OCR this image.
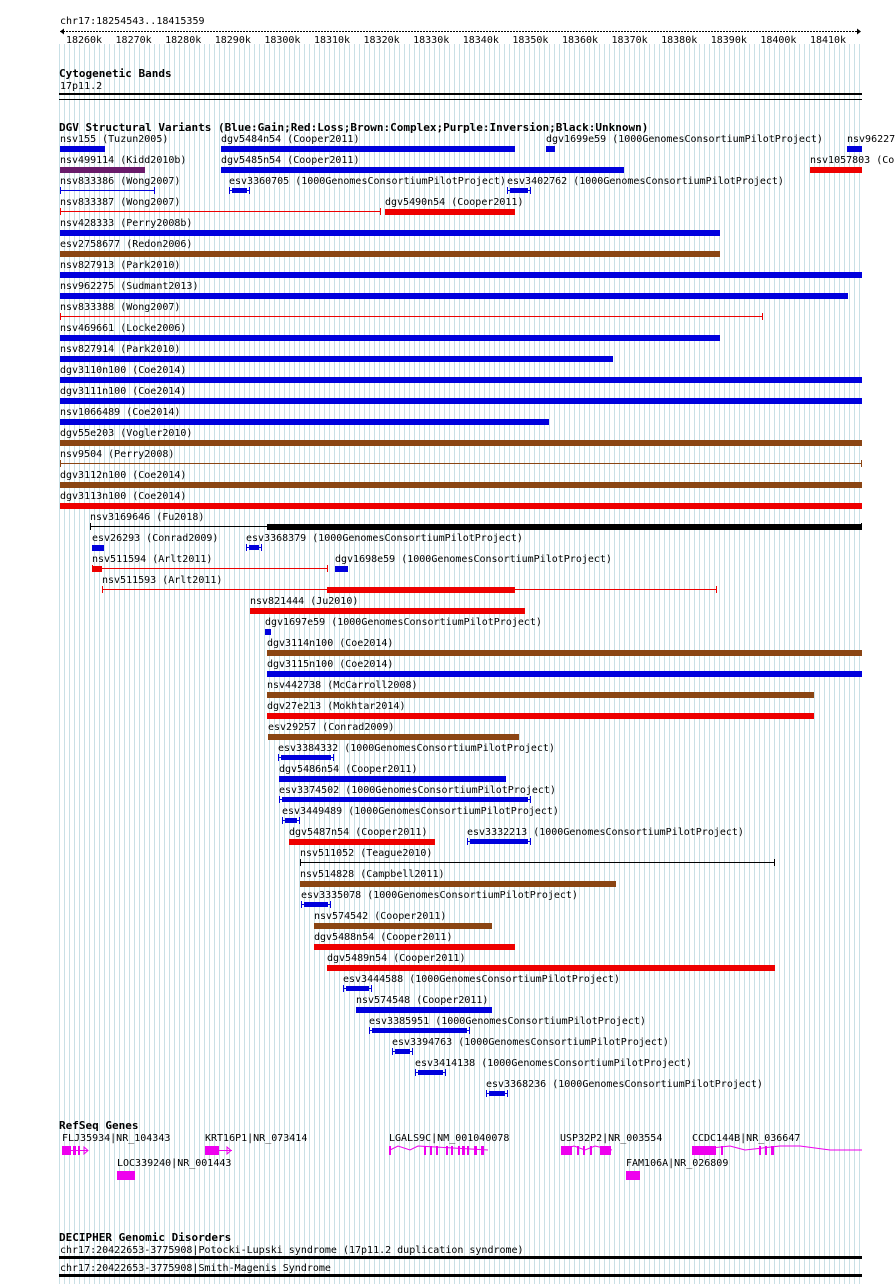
chr17:18254543..18415359
18260k 18270k 18280k 18290k 18300k 18310k 18320k 18330k 18340k 18350k 18360k 18370k 18380k 18390k 18400k 18410k
Cytogenetic Bands
17p11.2
DGV Structural Variants (Blue:Gain;Red:Loss;Brown:Complex;Purple:Inversion;Black:Unknown)
nsv155 (Tuzun2005)	dgv5484n54 (Cooper2011)	dgv1699e59 (1000GenomesConsortiumPilotProject) nsv96227
nsv499114 (Kidd2010b)	dgv5485n54 (Cooper2011)	nsv1057803 (Co
nsv833386 (Wong2007)	esv3360705 (1000GenomesConsortiumPilotProject) esv3402762 (1000GenomesConsortiumPilotProject)
nsv833387 (Wong2007)	dgv5490n54 (Cooper2011)
nsv428333 (Perry2008b)
esv2758677 (Redon2006)
nsv827913 (Park2010)
nsv962275 (Sudmant2013)
nsv833388 (Wong2007)
nsv469661 (Locke2006)
nsv827914 (Park2010)
dgv3110n100 (Coe2014)
dgv3111n100 (Coe2014)
nsv1066489 (Coe2014)
dgv55e203 (Vogler2010)
nsv9504 (Perry2008)
dgv3112n100 (Coe2014)
dgv3113n100 (Coe2014)
nsv3169646 (Fu2018)
esv26293 (Conrad2009)	esv3368379 (1000GenomesConsortiumPilotProject)
nsv511594 (Arlt2011)	dgv1698e59 (1000GenomesConsortiumPilotProject)
nsv511593 (Arlt2011)
nsv821444 (Ju2010)
dgv1697e59 (1000GenomesConsortiumPilotProject)
dgv3114n100 (Coe2014)
dgv3115n100 (Coe2014)
nsv442738 (McCarroll2008)
dgv27e213 (Mokhtar2014)
esv29257 (Conrad2009)
esv3384332 (1000GenomesConsortiumPilotProject)
dgv5486n54 (Cooper2011)
esv3374502 (1000GenomesConsortiumPilotProject)
esv3449489 (1000GenomesConsortiumPilotProject)
dgv5487n54 (Cooper2011)	esv3332213 (1000GenomesConsortiumPilotProject)
nsv511052 (Teague2010)
nsv514828 (Campbell2011)
esv3335078 (1000GenomesConsortiumPilotProject)
nsv574542 (Cooper2011)
dgv5488n54 (Cooper2011)
dgv5489n54 (Cooper2011)
esv3444588 (1000GenomesConsortiumPilotProject)
nsv574548 (Cooper2011)
esv3385951 (1000GenomesConsortiumPilotProject)
esv3394763 (1000GenomesConsortiumPilotProject)
esv3414138 (1000GenomesConsortiumPilotProject)
esv3368236 (1000GenomesConsortiumPilotProject)
RefSeq Genes
FLJ35934|NR_104343	KRT16P1|NR_073414	LGALS9C|NM_001040078	USP32P2|NR_003554	CCDC144B|NR_036647
LOC339240|NR_001443	FAM106A|NR_026809
DECIPHER Genomic Disorders
chr17:20422653-3775908|Potocki-Lupski syndrome (17p11.2 duplication syndrome)
chr17:20422653-3775908|Smith-Magenis Syndrome
